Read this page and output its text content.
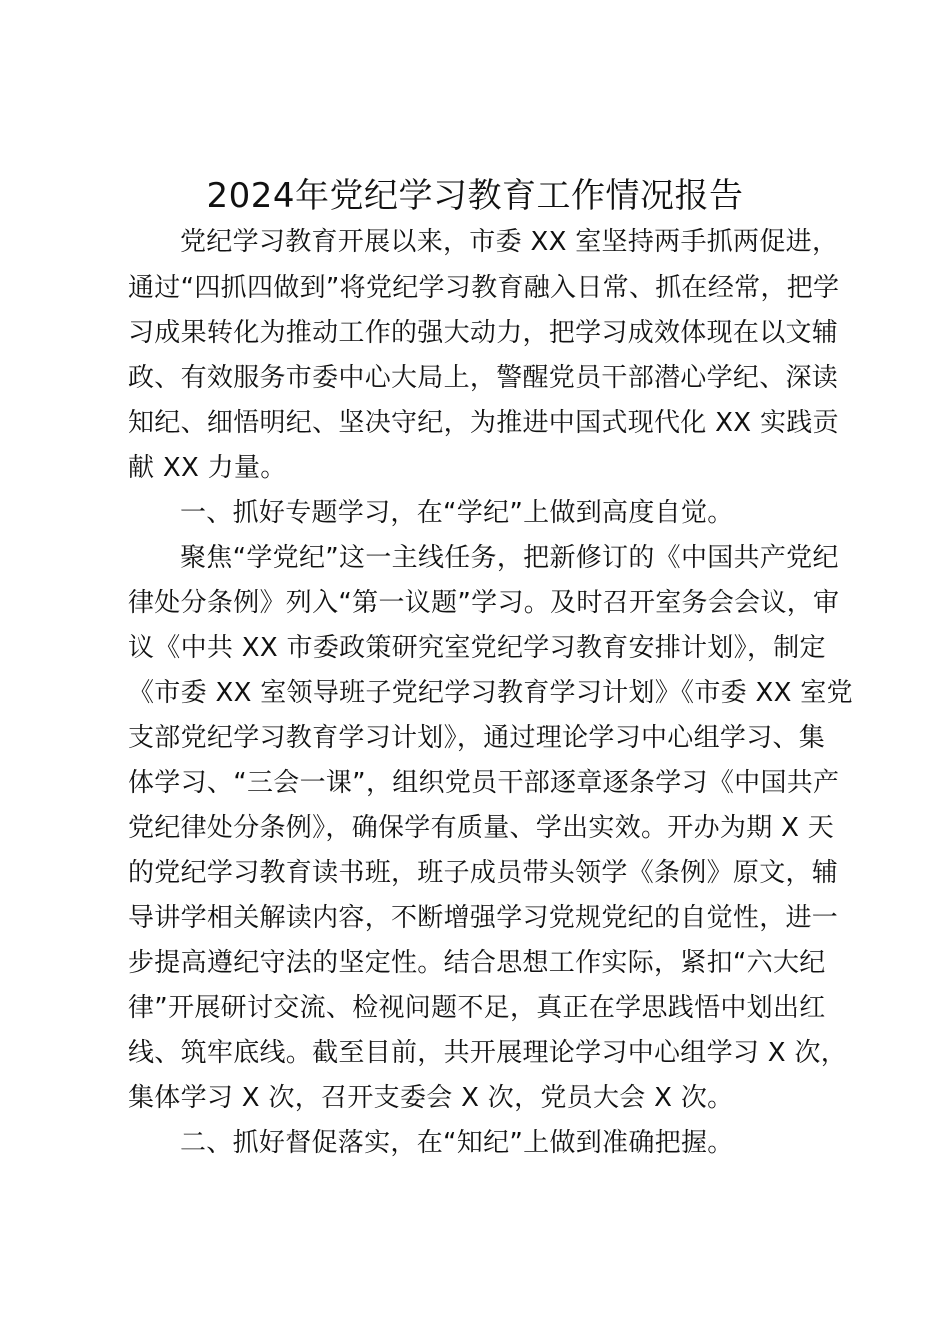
2024年党纪学习教育工作情况报告
党纪学习教育开展以来，市委 XX 室坚持两手抓两促进，
通过“四抓四做到”将党纪学习教育融入日常、抓在经常，把学
习成果转化为推动工作的强大动力，把学习成效体现在以文辅
政、有效服务市委中心大局上，警醒党员干部潜心学纪、深读
知纪、细悟明纪、坚决守纪，为推进中国式现代化 XX 实践贡
献 XX 力量。
一、抓好专题学习，在“学纪”上做到高度自觉。
聚焦“学党纪”这一主线任务，把新修订的《中国共产党纪
律处分条例》列入“第一议题”学习。及时召开室务会会议，审
议《中共 XX 市委政策研究室党纪学习教育安排计划》，制定
《市委 XX 室领导班子党纪学习教育学习计划》《市委 XX 室党
支部党纪学习教育学习计划》，通过理论学习中心组学习、集
体学习、“三会一课”，组织党员干部逐章逐条学习《中国共产
党纪律处分条例》，确保学有质量、学出实效。开办为期 X 天
的党纪学习教育读书班，班子成员带头领学《条例》原文，辅
导讲学相关解读内容，不断增强学习党规党纪的自觉性，进一
步提高遵纪守法的坚定性。结合思想工作实际，紧扣“六大纪
律”开展研讨交流、检视问题不足，真正在学思践悟中划出红
线、筑牢底线。截至目前，共开展理论学习中心组学习 X 次，
集体学习 X 次，召开支委会 X 次，党员大会 X 次。
二、抓好督促落实，在“知纪”上做到准确把握。
